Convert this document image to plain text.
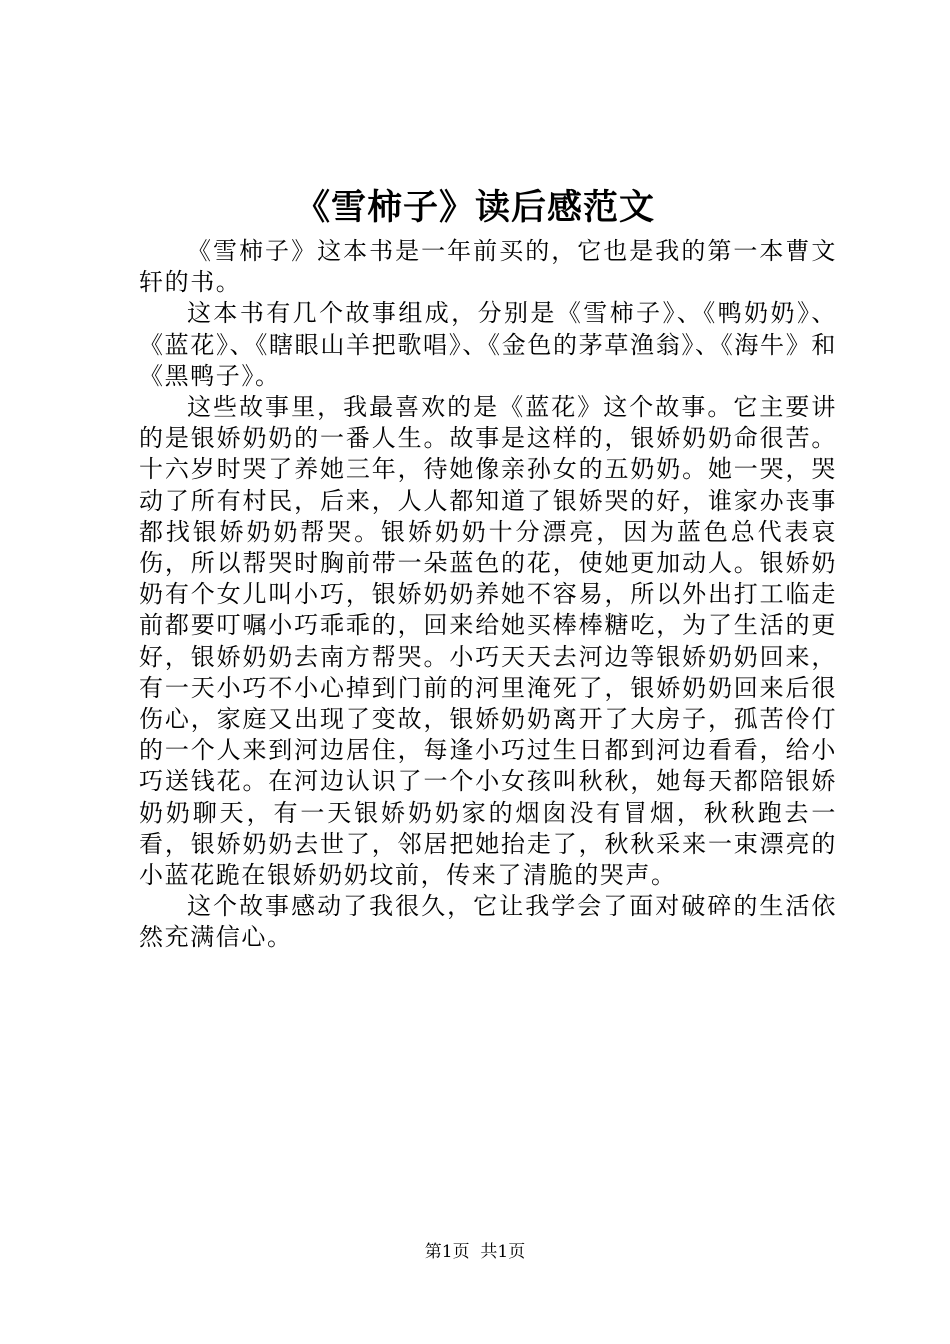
《雪柿子》读后感范文

《雪柿子》这本书是一年前买的，它也是我的第一本曹文轩的书。

这本书有几个故事组成，分别是《雪柿子》、《鸭奶奶》、《蓝花》、《瞎眼山羊把歌唱》、《金色的茅草渔翁》、《海牛》和《黑鸭子》。

这些故事里，我最喜欢的是《蓝花》这个故事。它主要讲的是银娇奶奶的一番人生。故事是这样的，银娇奶奶命很苦。十六岁时哭了养她三年，待她像亲孙女的五奶奶。她一哭，哭动了所有村民，后来，人人都知道了银娇哭的好，谁家办丧事都找银娇奶奶帮哭。银娇奶奶十分漂亮，因为蓝色总代表哀伤，所以帮哭时胸前带一朵蓝色的花，使她更加动人。银娇奶奶有个女儿叫小巧，银娇奶奶养她不容易，所以外出打工临走前都要叮嘱小巧乖乖的，回来给她买棒棒糖吃，为了生活的更好，银娇奶奶去南方帮哭。小巧天天去河边等银娇奶奶回来，有一天小巧不小心掉到门前的河里淹死了，银娇奶奶回来后很伤心，家庭又出现了变故，银娇奶奶离开了大房子，孤苦伶仃的一个人来到河边居住，每逢小巧过生日都到河边看看，给小巧送钱花。在河边认识了一个小女孩叫秋秋，她每天都陪银娇奶奶聊天，有一天银娇奶奶家的烟囱没有冒烟，秋秋跑去一看，银娇奶奶去世了，邻居把她抬走了，秋秋采来一束漂亮的小蓝花跪在银娇奶奶坟前，传来了清脆的哭声。

这个故事感动了我很久，它让我学会了面对破碎的生活依然充满信心。

第1页  共1页
